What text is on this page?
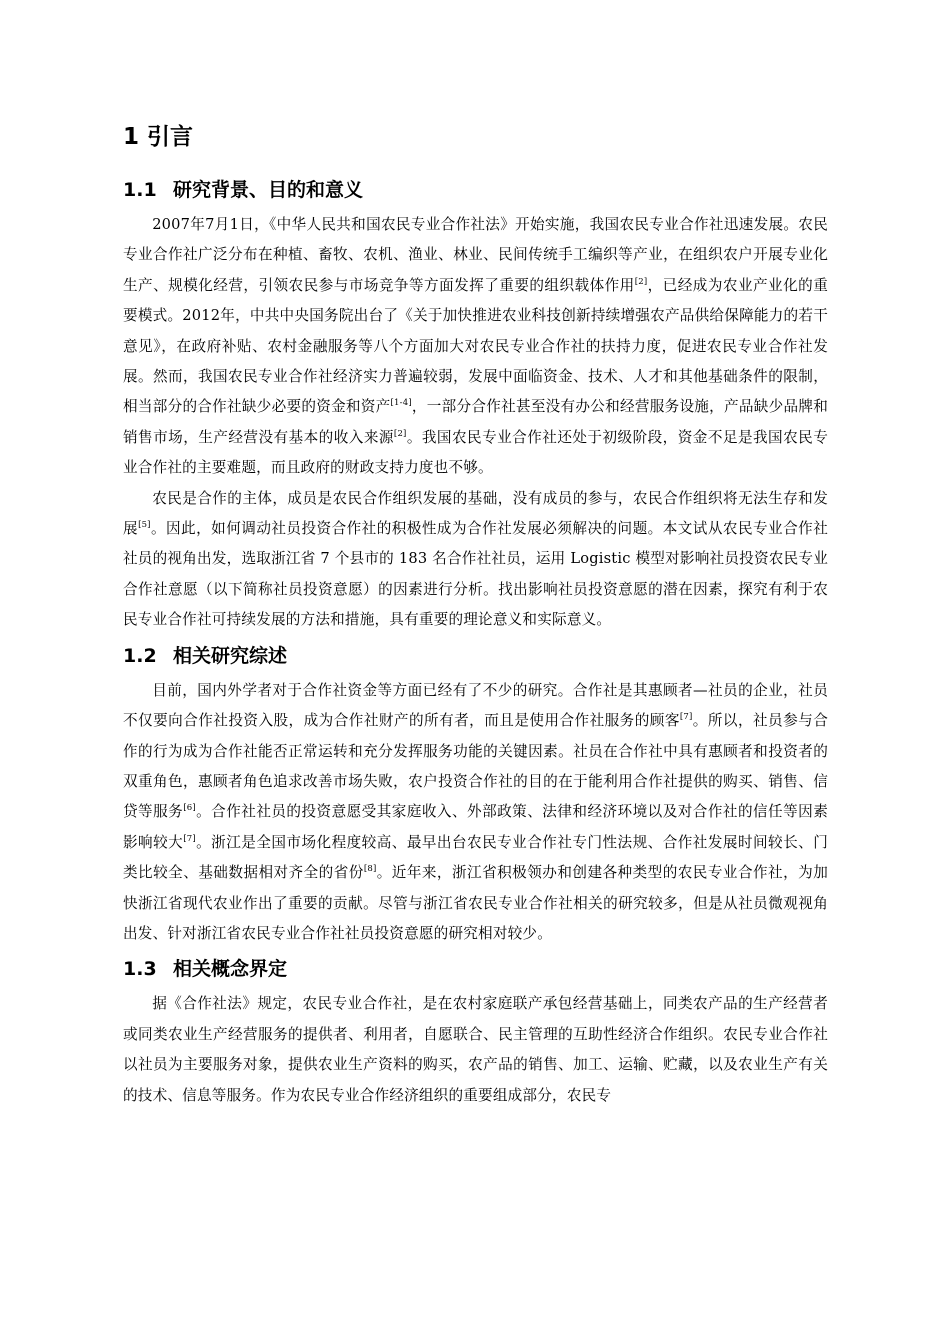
1 引言
1.1 研究背景、目的和意义

2007年7月1日，《中华人民共和国农民专业合作社法》开始实施，我国农民专业合作社迅速发展。农民专业合作社广泛分布在种植、畜牧、农机、渔业、林业、民间传统手工编织等产业，在组织农户开展专业化生产、规模化经营，引领农民参与市场竞争等方面发挥了重要的组织载体作用[2]，已经成为农业产业化的重要模式。2012年，中共中央国务院出台了《关于加快推进农业科技创新持续增强农产品供给保障能力的若干意见》，在政府补贴、农村金融服务等八个方面加大对农民专业合作社的扶持力度，促进农民专业合作社发展。然而，我国农民专业合作社经济实力普遍较弱，发展中面临资金、技术、人才和其他基础条件的限制，相当部分的合作社缺少必要的资金和资产[1-4]，一部分合作社甚至没有办公和经营服务设施，产品缺少品牌和销售市场，生产经营没有基本的收入来源[2]。我国农民专业合作社还处于初级阶段，资金不足是我国农民专业合作社的主要难题，而且政府的财政支持力度也不够。

农民是合作的主体，成员是农民合作组织发展的基础，没有成员的参与，农民合作组织将无法生存和发展[5]。因此，如何调动社员投资合作社的积极性成为合作社发展必须解决的问题。本文试从农民专业合作社社员的视角出发，选取浙江省 7 个县市的 183 名合作社社员，运用 Logistic 模型对影响社员投资农民专业合作社意愿（以下简称社员投资意愿）的因素进行分析。找出影响社员投资意愿的潜在因素，探究有利于农民专业合作社可持续发展的方法和措施，具有重要的理论意义和实际意义。

1.2 相关研究综述

目前，国内外学者对于合作社资金等方面已经有了不少的研究。合作社是其惠顾者—社员的企业，社员不仅要向合作社投资入股，成为合作社财产的所有者，而且是使用合作社服务的顾客[7]。所以，社员参与合作的行为成为合作社能否正常运转和充分发挥服务功能的关键因素。社员在合作社中具有惠顾者和投资者的双重角色，惠顾者角色追求改善市场失败，农户投资合作社的目的在于能利用合作社提供的购买、销售、信贷等服务[6]。合作社社员的投资意愿受其家庭收入、外部政策、法律和经济环境以及对合作社的信任等因素影响较大[7]。浙江是全国市场化程度较高、最早出台农民专业合作社专门性法规、合作社发展时间较长、门类比较全、基础数据相对齐全的省份[8]。近年来，浙江省积极领办和创建各种类型的农民专业合作社，为加快浙江省现代农业作出了重要的贡献。尽管与浙江省农民专业合作社相关的研究较多，但是从社员微观视角出发、针对浙江省农民专业合作社社员投资意愿的研究相对较少。

1.3 相关概念界定

据《合作社法》规定，农民专业合作社，是在农村家庭联产承包经营基础上，同类农产品的生产经营者或同类农业生产经营服务的提供者、利用者，自愿联合、民主管理的互助性经济合作组织。农民专业合作社以社员为主要服务对象，提供农业生产资料的购买，农产品的销售、加工、运输、贮藏，以及农业生产有关的技术、信息等服务。作为农民专业合作经济组织的重要组成部分，农民专
